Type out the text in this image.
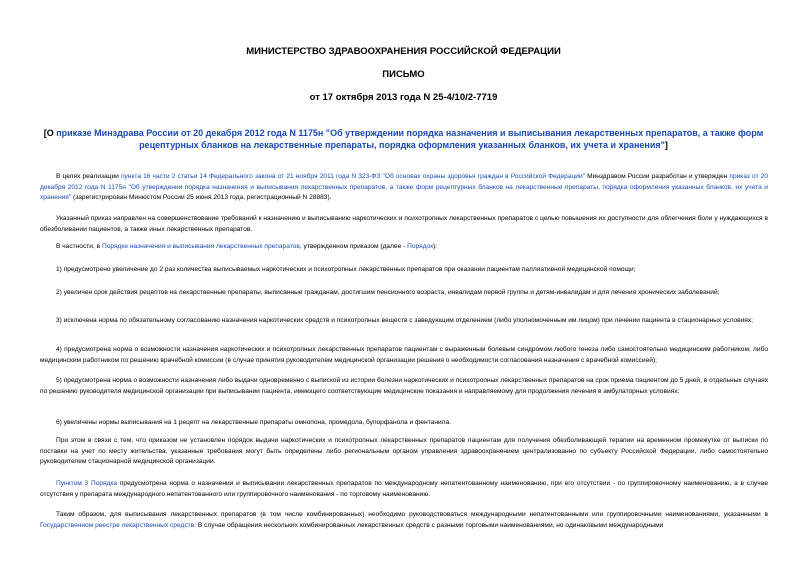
МИНИСТЕРСТВО ЗДРАВООХРАНЕНИЯ РОССИЙСКОЙ ФЕДЕРАЦИИ
ПИСЬМО
от 17 октября 2013 года N 25-4/10/2-7719
[О приказе Минздрава России от 20 декабря 2012 года N 1175н "Об утверждении порядка назначения и выписывания лекарственных препаратов, а также форм рецептурных бланков на лекарственные препараты, порядка оформления указанных бланков, их учета и хранения"]

В целях реализации пункта 16 части 2 статьи 14 Федерального закона от 21 ноября 2011 года N 323-ФЗ "Об основах охраны здоровья граждан в Российской Федерации" Минздравом России разработан и утвержден приказ от 20 декабря 2012 года N 1175н "Об утверждении порядка назначения и выписывания лекарственных препаратов, а также форм рецептурных бланков на лекарственные препараты, порядка оформления указанных бланков, их учета и хранения" (зарегистрирован Минюстом России 25 июня 2013 года, регистрационный N 28883).

Указанный приказ направлен на совершенствование требований к назначению и выписыванию наркотических и психотропных лекарственных препаратов с целью повышения их доступности для облегчения боли у нуждающихся в обезболивании пациентов, а также иных лекарственных препаратов.

В частности, в Порядке назначения и выписывания лекарственных препаратов, утвержденном приказом (далее - Порядок):

1) предусмотрено увеличение до 2 раз количества выписываемых наркотических и психотропных лекарственных препаратов при оказании пациентам паллиативной медицинской помощи;

2) увеличен срок действия рецептов на лекарственные препараты, выписанные гражданам, достигшим пенсионного возраста, инвалидам первой группы и детям-инвалидам и для лечения хронических заболеваний;

3) исключена норма по обязательному согласованию назначения наркотических средств и психотропных веществ с заведующим отделением (либо уполномоченным им лицом) при лечении пациента в стационарных условиях;

4) предусмотрена норма о возможности назначения наркотических и психотропных лекарственных препаратов пациентам с выраженным болевым синдромом любого генеза либо самостоятельно медицинским работником, либо медицинским работником по решению врачебной комиссии (в случае принятия руководителем медицинской организации решения о необходимости согласования назначения с врачебной комиссией);

5) предусмотрена норма о возможности назначения либо выдачи одновременно с выпиской из истории болезни наркотических и психотропных лекарственных препаратов на срок приема пациентом до 5 дней, в отдельных случаях по решению руководителя медицинской организации при выписывании пациента, имеющего соответствующие медицинские показания и направляемому для продолжения лечения в амбулаторных условиях;

6) увеличены нормы выписывания на 1 рецепт на лекарственные препараты омнопона, промедола, бупорфанола и фентанила.

При этом в связи с тем, что приказом не установлен порядок выдачи наркотических и психотропных лекарственных препаратов пациентам для получения обезболивающей терапии на временном промежутке от выписки по поставки на учет по месту жительства, указанные требования могут быть определены либо региональным органом управления здравоохранением централизованно по субъекту Российской Федерации, либо самостоятельно руководителем стационарной медицинской организации.

Пунктом 3 Порядка предусмотрена норма о назначении и выписывании лекарственных препаратов по международному непатентованному наименованию, при его отсутствии - по группировочному наименованию, а в случае отсутствия у препарата международного непатентованного или группировочного наименования - по торговому наименованию.

Таким образом, для выписывания лекарственных препаратов (в том числе комбинированных) необходимо руководствоваться международными непатентованными или группировочными наименованиями, указанными в Государственном реестре лекарственных средств. В случае обращения нескольких комбинированных лекарственных средств с разными торговыми наименованиями, но одинаковыми международными
